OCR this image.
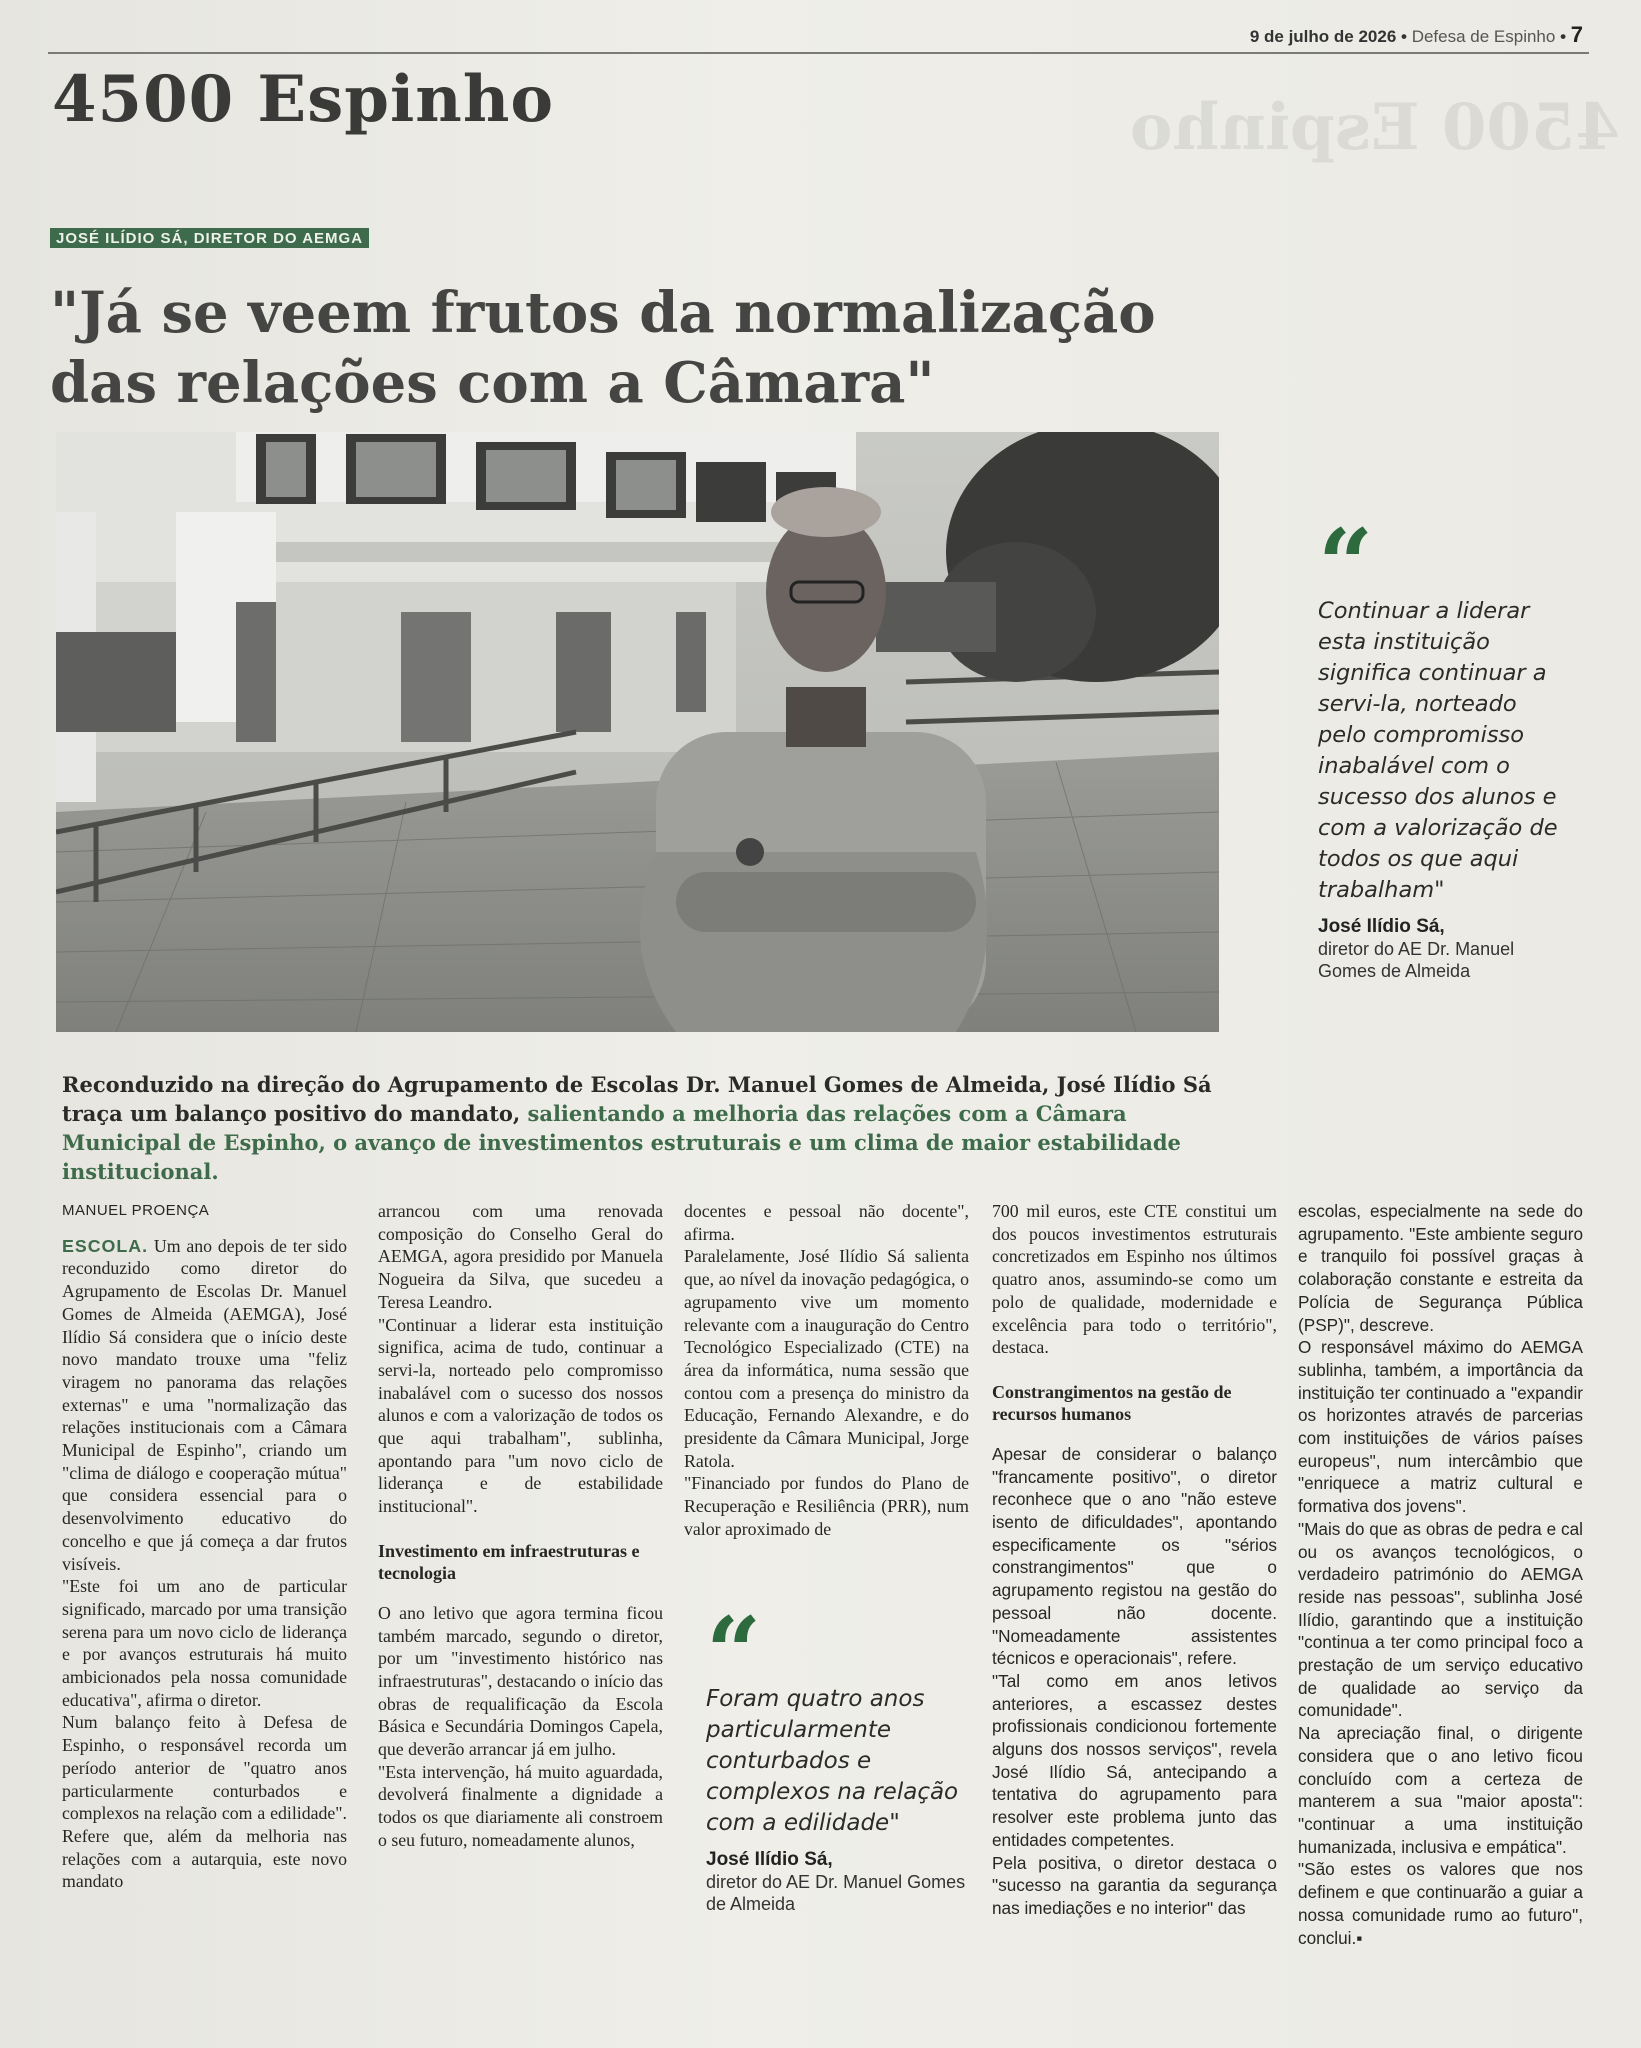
4500 Espinho
9 de julho de 2026 • Defesa de Espinho • 7
4500 Espinho
JOSÉ ILÍDIO SÁ, DIRETOR DO AEMGA
"Já se veem frutos da normalização das relações com a Câmara"
“
Continuar a liderar esta instituição significa continuar a servi-la, norteado pelo compromisso inabalável com o sucesso dos alunos e com a valorização de todos os que aqui trabalham"
José Ilídio Sá,
diretor do AE Dr. Manuel Gomes de Almeida
Reconduzido na direção do Agrupamento de Escolas Dr. Manuel Gomes de Almeida, José Ilídio Sá traça um balanço positivo do mandato, salientando a melhoria das relações com a Câmara Municipal de Espinho, o avanço de investimentos estruturais e um clima de maior estabilidade institucional.
MANUEL PROENÇA

ESCOLA. Um ano depois de ter sido reconduzido como diretor do Agrupamento de Escolas Dr. Manuel Gomes de Almeida (AEMGA), José Ilídio Sá considera que o início deste novo mandato trouxe uma "feliz viragem no panorama das relações externas" e uma "normalização das relações institucionais com a Câmara Municipal de Espinho", criando um "clima de diálogo e cooperação mútua" que considera essencial para o desenvolvimento educativo do concelho e que já começa a dar frutos visíveis.

"Este foi um ano de particular significado, marcado por uma transição serena para um novo ciclo de liderança e por avanços estruturais há muito ambicionados pela nossa comunidade educativa", afirma o diretor.

Num balanço feito à Defesa de Espinho, o responsável recorda um período anterior de "quatro anos particularmente conturbados e complexos na relação com a edilidade". Refere que, além da melhoria nas relações com a autarquia, este novo mandato

arrancou com uma renovada composição do Conselho Geral do AEMGA, agora presidido por Manuela Nogueira da Silva, que sucedeu a Teresa Leandro.

"Continuar a liderar esta instituição significa, acima de tudo, continuar a servi-la, norteado pelo compromisso inabalável com o sucesso dos nossos alunos e com a valorização de todos os que aqui trabalham", sublinha, apontando para "um novo ciclo de liderança e de estabilidade institucional".

Investimento em infraestruturas e tecnologia

O ano letivo que agora termina ficou também marcado, segundo o diretor, por um "investimento histórico nas infraestruturas", destacando o início das obras de requalificação da Escola Básica e Secundária Domingos Capela, que deverão arrancar já em julho.

"Esta intervenção, há muito aguardada, devolverá finalmente a dignidade a todos os que diariamente ali constroem o seu futuro, nomeadamente alunos,

docentes e pessoal não docente", afirma.

Paralelamente, José Ilídio Sá salienta que, ao nível da inovação pedagógica, o agrupamento vive um momento relevante com a inauguração do Centro Tecnológico Especializado (CTE) na área da informática, numa sessão que contou com a presença do ministro da Educação, Fernando Alexandre, e do presidente da Câmara Municipal, Jorge Ratola.

"Financiado por fundos do Plano de Recuperação e Resiliência (PRR), num valor aproximado de

“
Foram quatro anos particularmente conturbados e complexos na relação com a edilidade"
José Ilídio Sá,
diretor do AE Dr. Manuel Gomes de Almeida

700 mil euros, este CTE constitui um dos poucos investimentos estruturais concretizados em Espinho nos últimos quatro anos, assumindo-se como um polo de qualidade, modernidade e excelência para todo o território", destaca.

Constrangimentos na gestão de recursos humanos

Apesar de considerar o balanço "francamente positivo", o diretor reconhece que o ano "não esteve isento de dificuldades", apontando especificamente os "sérios constrangimentos" que o agrupamento registou na gestão do pessoal não docente. "Nomeadamente assistentes técnicos e operacionais", refere.

"Tal como em anos letivos anteriores, a escassez destes profissionais condicionou fortemente alguns dos nossos serviços", revela José Ilídio Sá, antecipando a tentativa do agrupamento para resolver este problema junto das entidades competentes.

Pela positiva, o diretor destaca o "sucesso na garantia da segurança nas imediações e no interior" das

escolas, especialmente na sede do agrupamento. "Este ambiente seguro e tranquilo foi possível graças à colaboração constante e estreita da Polícia de Segurança Pública (PSP)", descreve.

O responsável máximo do AEMGA sublinha, também, a importância da instituição ter continuado a "expandir os horizontes através de parcerias com instituições de vários países europeus", num intercâmbio que "enriquece a matriz cultural e formativa dos jovens".

"Mais do que as obras de pedra e cal ou os avanços tecnológicos, o verdadeiro património do AEMGA reside nas pessoas", sublinha José Ilídio, garantindo que a instituição "continua a ter como principal foco a prestação de um serviço educativo de qualidade ao serviço da comunidade".

Na apreciação final, o dirigente considera que o ano letivo ficou concluído com a certeza de manterem a sua "maior aposta": "continuar a uma instituição humanizada, inclusiva e empática".

"São estes os valores que nos definem e que continuarão a guiar a nossa comunidade rumo ao futuro", conclui.▪
